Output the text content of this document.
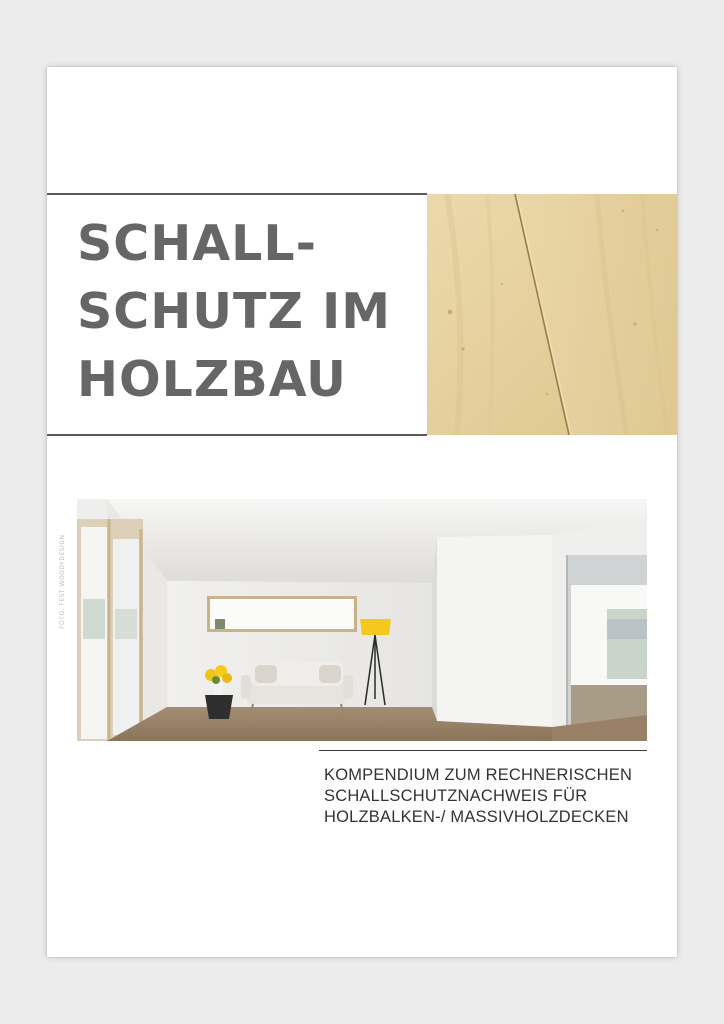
SCHALL-
SCHUTZ IM
HOLZBAU
FOTO: FEST WOODYDESIGN
KOMPENDIUM ZUM RECHNERISCHEN
SCHALLSCHUTZNACHWEIS FÜR
HOLZBALKEN-/ MASSIVHOLZDECKEN
